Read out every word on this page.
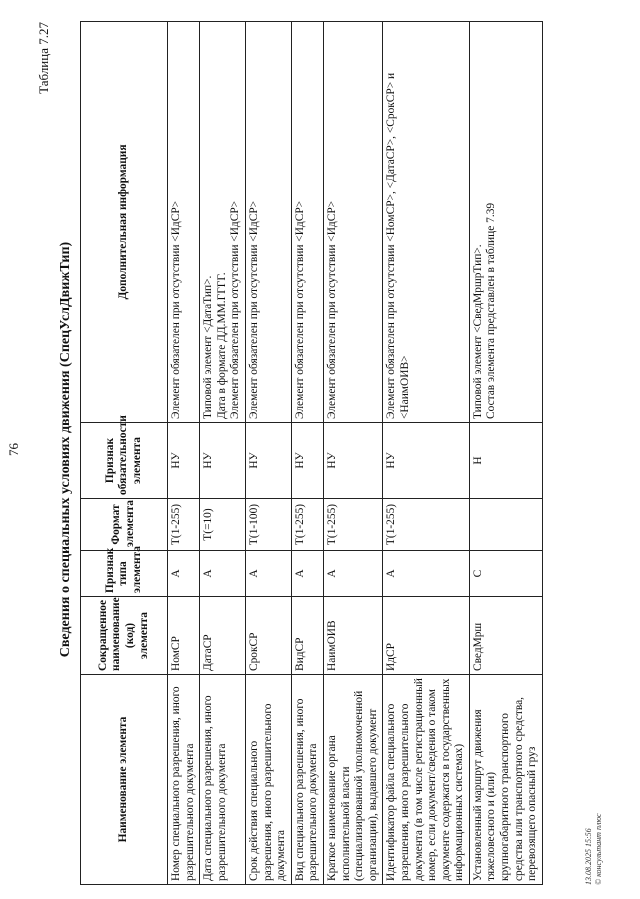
76
Таблица 7.27
Сведения о специальных условиях движения (СпецУслДвижТип)
Наименование элемента	Сокращенное наименование (код) элемента	Признак типа элемента	Формат элемента	Признак обязательности элемента	Дополнительная информация
Номер специального разрешения, иного разрешительного документа	НомСР	А	Т(1-255)	НУ	Элемент обязателен при отсутствии <ИдСР>
Дата специального разрешения, иного разрешительного документа	ДатаСР	А	Т(=10)	НУ	Типовой элемент <ДатаТип>.
Дата в формате ДД.ММ.ГГГГ.
Элемент обязателен при отсутствии <ИдСР>
Срок действия специального разрешения, иного разрешительного документа	СрокСР	А	Т(1-100)	НУ	Элемент обязателен при отсутствии <ИдСР>
Вид специального разрешения, иного разрешительного документа	ВидСР	А	Т(1-255)	НУ	Элемент обязателен при отсутствии <ИдСР>
Краткое наименование органа исполнительной власти (специализированной уполномоченной организации), выдавшего документ	НаимОИВ	А	Т(1-255)	НУ	Элемент обязателен при отсутствии <ИдСР>
Идентификатор файла специального разрешения, иного разрешительного документа (в том числе регистрационный номер, если документ/сведения о таком документе содержатся в государственных информационных системах)	ИдСР	А	Т(1-255)	НУ	Элемент обязателен при отсутствии <НомСР>, <ДатаСР>, <СрокСР> и <НаимОИВ>
Установленный маршрут движения тяжеловесного и (или) крупногабаритного транспортного средства или транспортного средства, перевозящего опасный груз	СведМрш	С		Н	Типовой элемент <СведМршрТип>.
Состав элемента представлен в таблице 7.39
13.08.2025 15:56 © консультант плюс
